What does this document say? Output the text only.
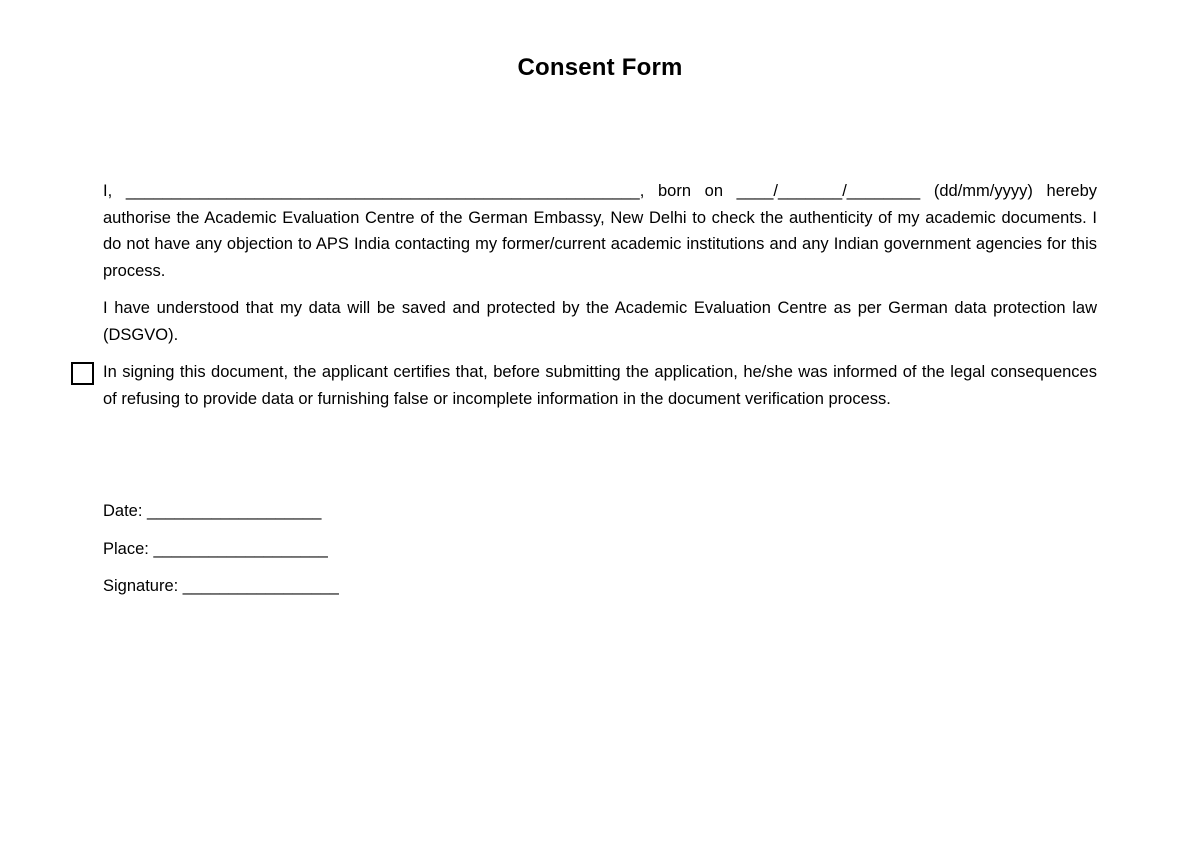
Consent Form

I, ________________________________________________________, born on ____/_______/________ (dd/mm/yyyy) hereby authorise the Academic Evaluation Centre of the German Embassy, New Delhi to check the authenticity of my academic documents. I do not have any objection to APS India contacting my former/current academic institutions and any Indian government agencies for this process.

I have understood that my data will be saved and protected by the Academic Evaluation Centre as per German data protection law (DSGVO).

In signing this document, the applicant certifies that, before submitting the application, he/she was informed of the legal consequences of refusing to provide data or furnishing false or incomplete information in the document verification process.

Date: ___________________
Place: ___________________
Signature: _________________
